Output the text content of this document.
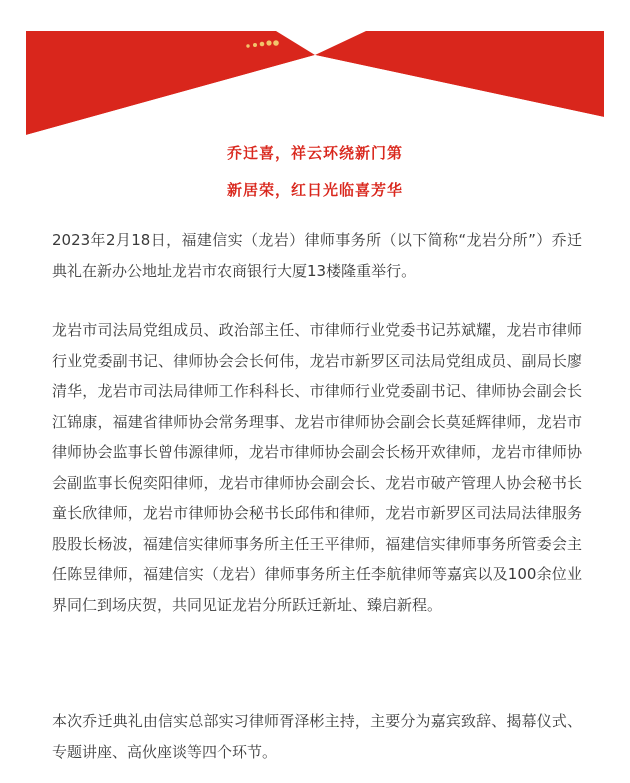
乔迁喜，祥云环绕新门第
新居荣，红日光临喜芳华

2023年2月18日，福建信实（龙岩）律师事务所（以下简称“龙岩分所”）乔迁典礼在新办公地址龙岩市农商银行大厦13楼隆重举行。

龙岩市司法局党组成员、政治部主任、市律师行业党委书记苏斌耀，龙岩市律师行业党委副书记、律师协会会长何伟，龙岩市新罗区司法局党组成员、副局长廖清华，龙岩市司法局律师工作科科长、市律师行业党委副书记、律师协会副会长江锦康，福建省律师协会常务理事、龙岩市律师协会副会长莫延辉律师，龙岩市律师协会监事长曾伟源律师，龙岩市律师协会副会长杨开欢律师，龙岩市律师协会副监事长倪奕阳律师，龙岩市律师协会副会长、龙岩市破产管理人协会秘书长童长欣律师，龙岩市律师协会秘书长邱伟和律师，龙岩市新罗区司法局法律服务股股长杨波，福建信实律师事务所主任王平律师，福建信实律师事务所管委会主任陈昱律师，福建信实（龙岩）律师事务所主任李航律师等嘉宾以及100余位业界同仁到场庆贺，共同见证龙岩分所跃迁新址、臻启新程。

本次乔迁典礼由信实总部实习律师胥泽彬主持，主要分为嘉宾致辞、揭幕仪式、专题讲座、高伙座谈等四个环节。
